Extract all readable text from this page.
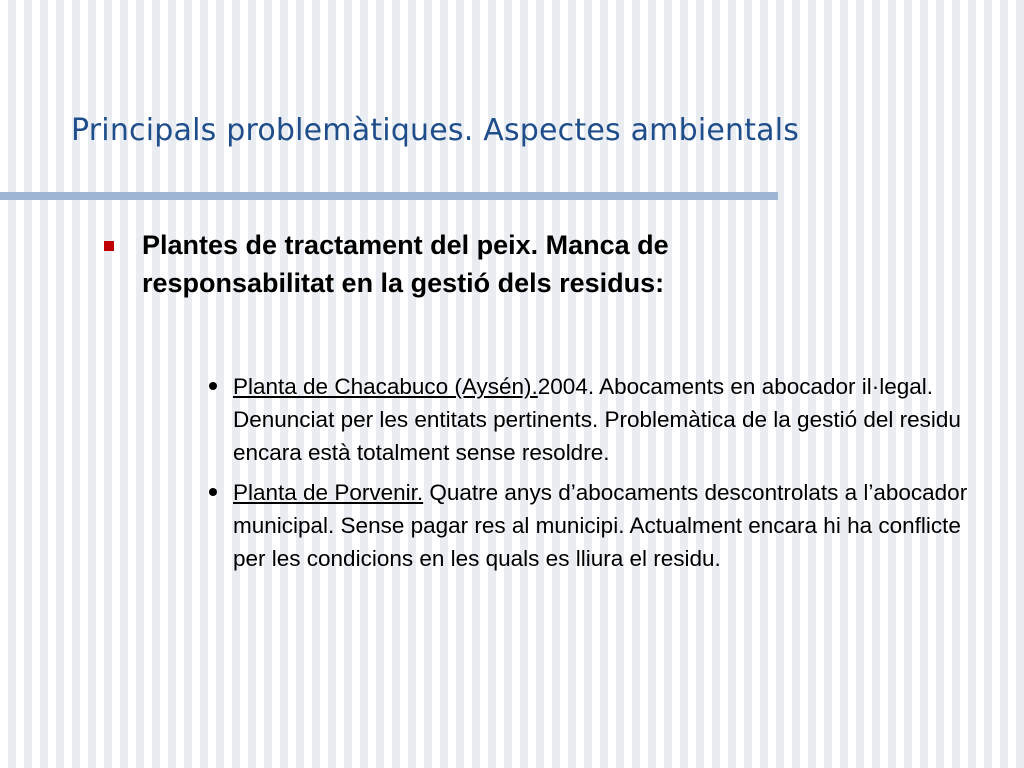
Principals problemàtiques. Aspectes ambientals
Plantes de tractament del peix. Manca de responsabilitat en la gestió dels residus:
Planta de Chacabuco (Aysén).2004. Abocaments en abocador il·legal. Denunciat per les entitats pertinents. Problemàtica de la gestió del residu encara està totalment sense resoldre.
Planta de Porvenir. Quatre anys d’abocaments descontrolats a l’abocador municipal. Sense pagar res al municipi. Actualment encara hi ha conflicte per les condicions en les quals es lliura el residu.
